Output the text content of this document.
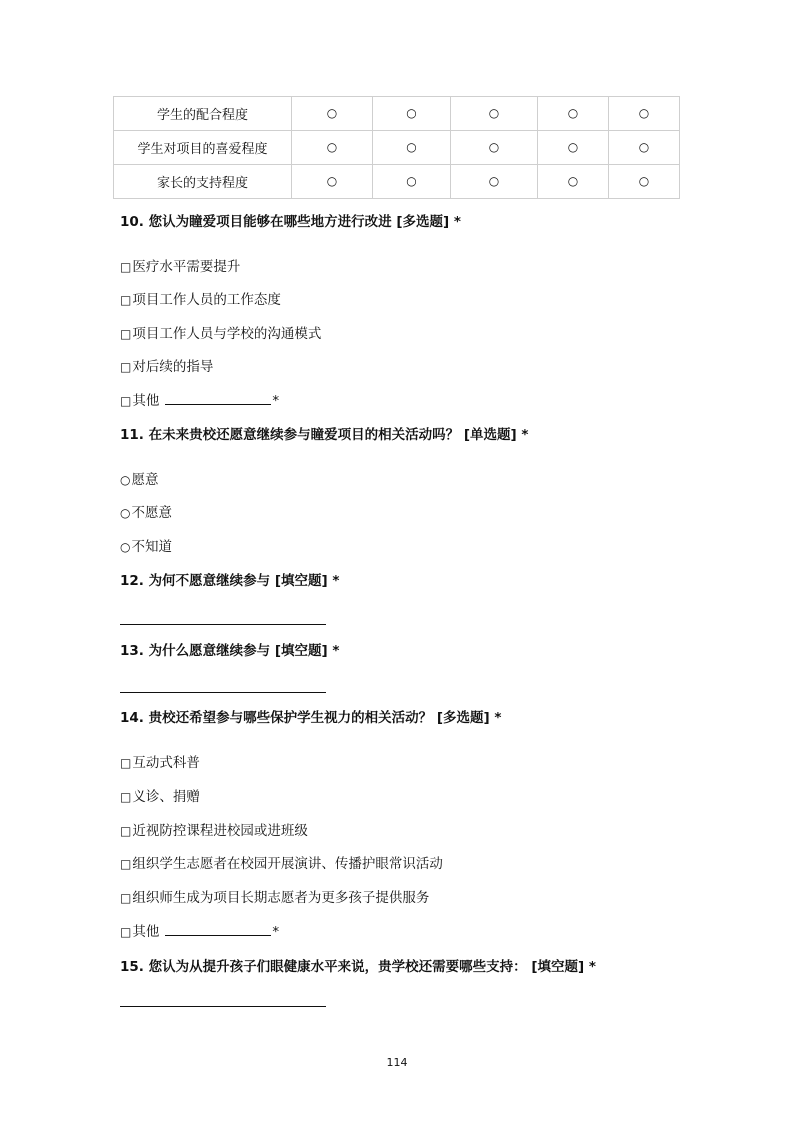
学生的配合程度	○	○	○	○	○
学生对项目的喜爱程度	○	○	○	○	○
家长的支持程度	○	○	○	○	○
10. 您认为瞳爱项目能够在哪些地方进行改进 [多选题] *
□医疗水平需要提升
□项目工作人员的工作态度
□项目工作人员与学校的沟通模式
□对后续的指导
□其他	*
11. 在未来贵校还愿意继续参与瞳爱项目的相关活动吗？ [单选题] *
○愿意
○不愿意
○不知道
12. 为何不愿意继续参与 [填空题] *
13. 为什么愿意继续参与 [填空题] *
14. 贵校还希望参与哪些保护学生视力的相关活动？ [多选题] *
□互动式科普
□义诊、捐赠
□近视防控课程进校园或进班级
□组织学生志愿者在校园开展演讲、传播护眼常识活动
□组织师生成为项目长期志愿者为更多孩子提供服务
□其他	*
15. 您认为从提升孩子们眼健康水平来说，贵学校还需要哪些支持： [填空题] *
114
